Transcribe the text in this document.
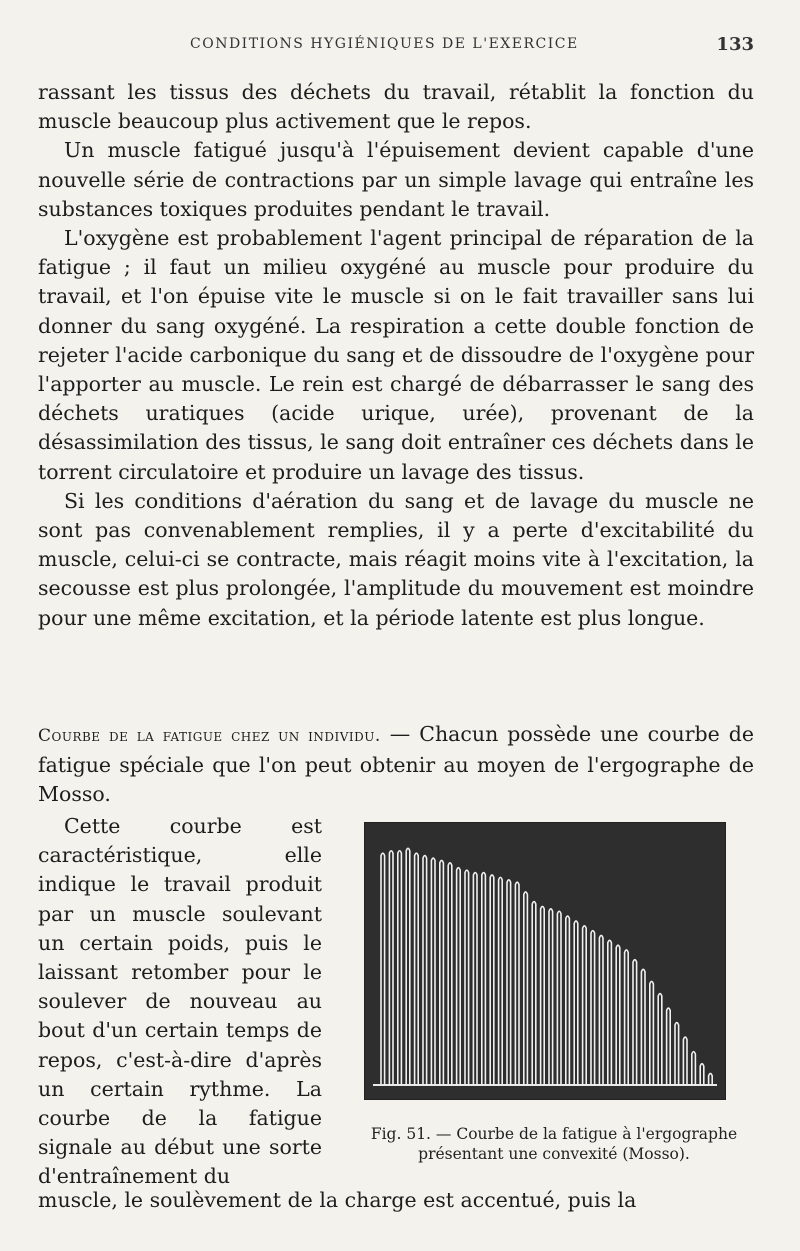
CONDITIONS HYGIÉNIQUES DE L'EXERCICE	133

rassant les tissus des déchets du travail, rétablit la fonction du muscle beaucoup plus activement que le repos.

Un muscle fatigué jusqu'à l'épuisement devient capable d'une nouvelle série de contractions par un simple lavage qui entraîne les substances toxiques produites pendant le travail.

L'oxygène est probablement l'agent principal de réparation de la fatigue ; il faut un milieu oxygéné au muscle pour produire du travail, et l'on épuise vite le muscle si on le fait travailler sans lui donner du sang oxygéné. La respiration a cette double fonction de rejeter l'acide carbonique du sang et de dissoudre de l'oxygène pour l'apporter au muscle. Le rein est chargé de débarrasser le sang des déchets uratiques (acide urique, urée), provenant de la désassimilation des tissus, le sang doit entraîner ces déchets dans le torrent circulatoire et produire un lavage des tissus.

Si les conditions d'aération du sang et de lavage du muscle ne sont pas convenablement remplies, il y a perte d'excitabilité du muscle, celui-ci se contracte, mais réagit moins vite à l'excitation, la secousse est plus prolongée, l'amplitude du mouvement est moindre pour une même excitation, et la période latente est plus longue.

Courbe de la fatigue chez un individu. — Chacun possède une courbe de fatigue spéciale que l'on peut obtenir au moyen de l'ergographe de Mosso.

Cette courbe est caractéristique, elle indique le travail produit par un muscle soulevant un certain poids, puis le laissant retomber pour le soulever de nouveau au bout d'un certain temps de repos, c'est-à-dire d'après un certain rythme. La courbe de la fatigue signale au début une sorte d'entraînement du

Fig. 51. — Courbe de la fatigue à l'ergographe présentant une convexité (Mosso).

muscle, le soulèvement de la charge est accentué, puis la
